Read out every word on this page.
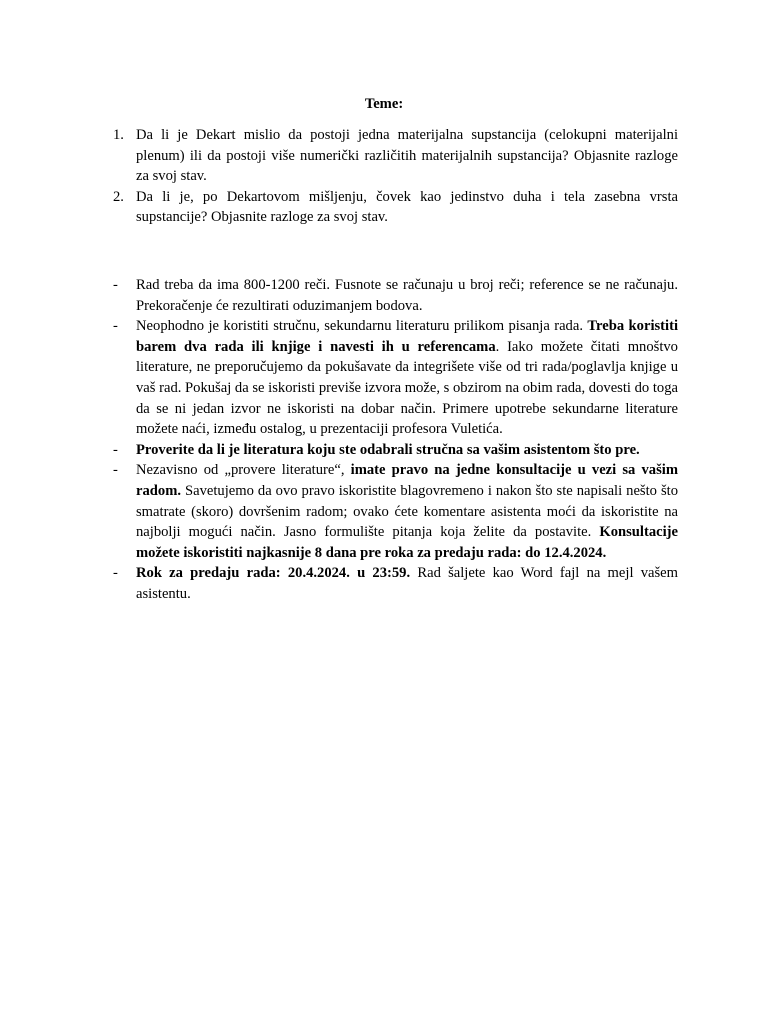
Teme:
1. Da li je Dekart mislio da postoji jedna materijalna supstancija (celokupni materijalni plenum) ili da postoji više numerički različitih materijalnih supstancija? Objasnite razloge za svoj stav.
2. Da li je, po Dekartovom mišljenju, čovek kao jedinstvo duha i tela zasebna vrsta supstancije? Objasnite razloge za svoj stav.
-	Rad treba da ima 800-1200 reči. Fusnote se računaju u broj reči; reference se ne računaju. Prekoračenje će rezultirati oduzimanjem bodova.
-	Neophodno je koristiti stručnu, sekundarnu literaturu prilikom pisanja rada. Treba koristiti barem dva rada ili knjige i navesti ih u referencama. Iako možete čitati mnoštvo literature, ne preporučujemo da pokušavate da integrišete više od tri rada/poglavlja knjige u vaš rad. Pokušaj da se iskoristi previše izvora može, s obzirom na obim rada, dovesti do toga da se ni jedan izvor ne iskoristi na dobar način. Primere upotrebe sekundarne literature možete naći, između ostalog, u prezentaciji profesora Vuletića.
-	Proverite da li je literatura koju ste odabrali stručna sa vašim asistentom što pre.
-	Nezavisno od „provere literature“, imate pravo na jedne konsultacije u vezi sa vašim radom. Savetujemo da ovo pravo iskoristite blagovremeno i nakon što ste napisali nešto što smatrate (skoro) dovršenim radom; ovako ćete komentare asistenta moći da iskoristite na najbolji mogući način. Jasno formulište pitanja koja želite da postavite. Konsultacije možete iskoristiti najkasnije 8 dana pre roka za predaju rada: do 12.4.2024.
-	Rok za predaju rada: 20.4.2024. u 23:59. Rad šaljete kao Word fajl na mejl vašem asistentu.
